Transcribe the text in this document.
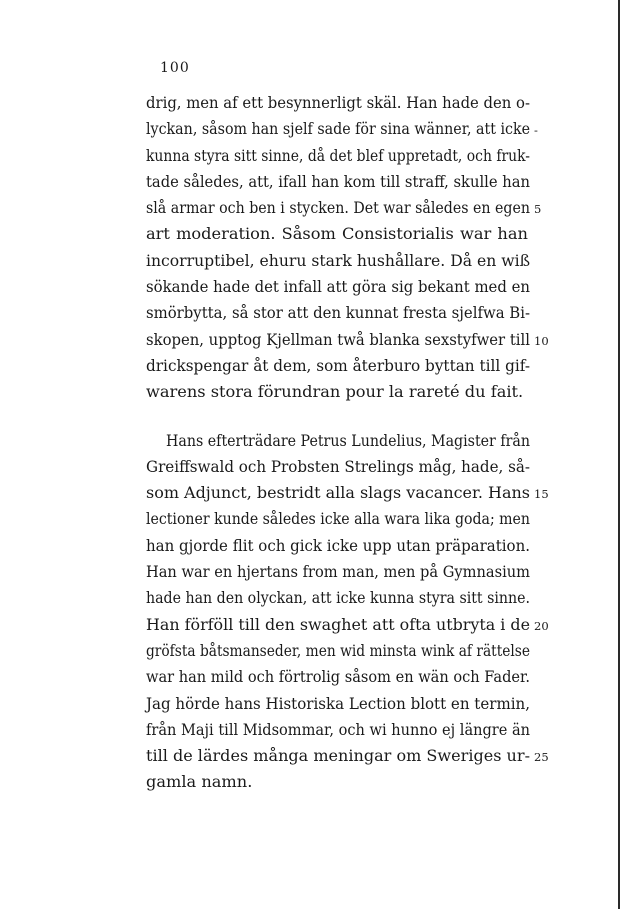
100
drig, men af ett besynnerligt skäl. Han hade den o-
lyckan, såsom han sjelf sade för sina wänner, att icke -
kunna styra sitt sinne, då det blef uppretadt, och fruk-
tade således, att, ifall han kom till straff, skulle han
slå armar och ben i stycken. Det war således en egen 5
art moderation. Såsom Consistorialis war han
incorruptibel, ehuru stark hushållare. Då en wiß
sökande hade det infall att göra sig bekant med en
smörbytta, så stor att den kunnat fresta sjelfwa Bi-
skopen, upptog Kjellman twå blanka sexstyfwer till 10
drickspengar åt dem, som återburo byttan till gif-
warens stora förundran pour la rareté du fait.
Hans efterträdare Petrus Lundelius, Magister från
Greiffswald och Probsten Strelings måg, hade, så-
som Adjunct, bestridt alla slags vacancer. Hans 15
lectioner kunde således icke alla wara lika goda; men
han gjorde flit och gick icke upp utan präparation.
Han war en hjertans from man, men på Gymnasium
hade han den olyckan, att icke kunna styra sitt sinne.
Han förföll till den swaghet att ofta utbryta i de 20
gröfsta båtsmanseder, men wid minsta wink af rättelse
war han mild och förtrolig såsom en wän och Fader.
Jag hörde hans Historiska Lection blott en termin,
från Maji till Midsommar, och wi hunno ej längre än
till de lärdes många meningar om Sweriges ur- 25
gamla namn.
